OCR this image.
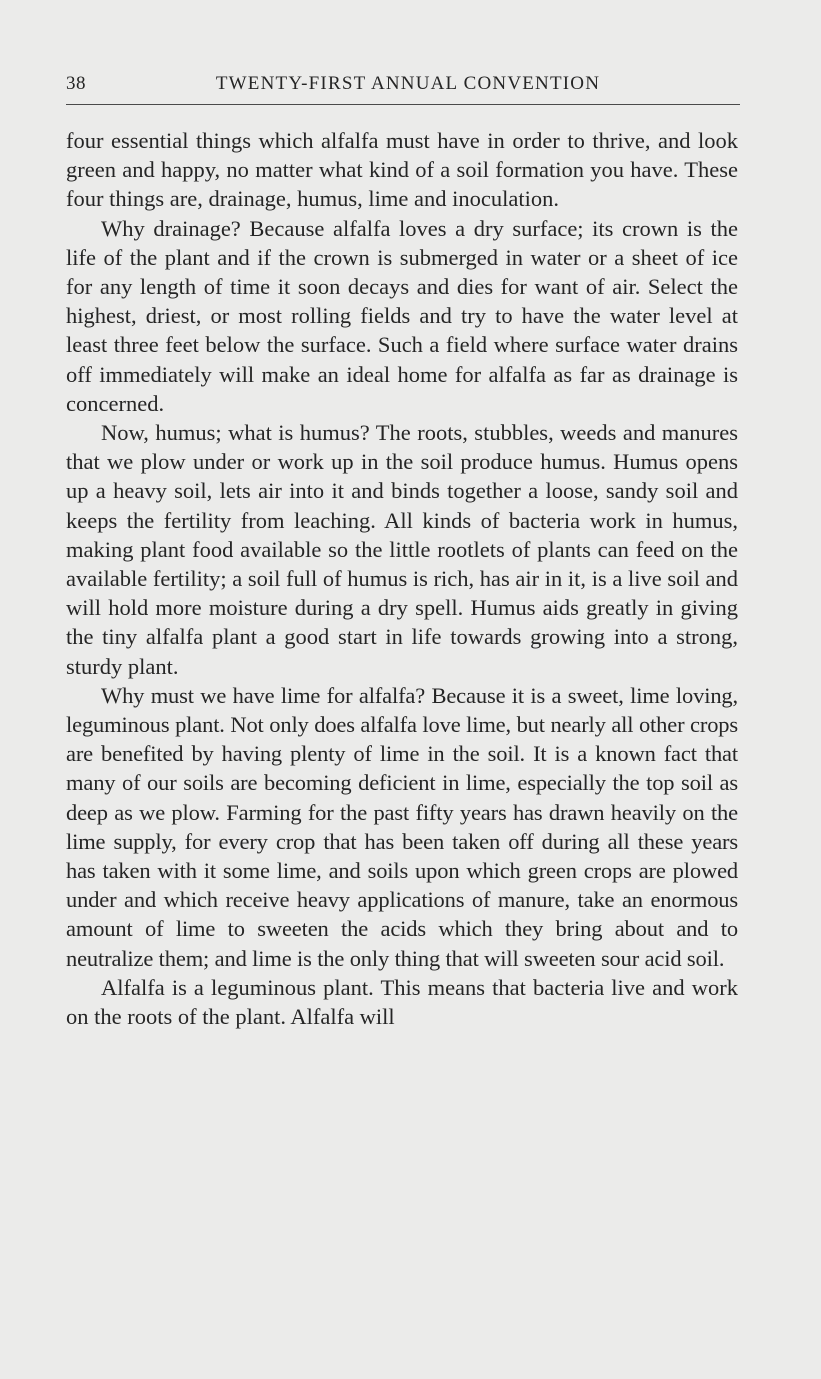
38	TWENTY-FIRST ANNUAL CONVENTION

four essential things which alfalfa must have in order to thrive, and look green and happy, no matter what kind of a soil formation you have. These four things are, drainage, humus, lime and inoculation.

Why drainage? Because alfalfa loves a dry surface; its crown is the life of the plant and if the crown is submerged in water or a sheet of ice for any length of time it soon decays and dies for want of air. Select the highest, driest, or most rolling fields and try to have the water level at least three feet below the surface. Such a field where surface water drains off immediately will make an ideal home for alfalfa as far as drainage is concerned.

Now, humus; what is humus? The roots, stubbles, weeds and manures that we plow under or work up in the soil produce humus. Humus opens up a heavy soil, lets air into it and binds together a loose, sandy soil and keeps the fertility from leaching. All kinds of bacteria work in humus, making plant food available so the little rootlets of plants can feed on the available fertility; a soil full of humus is rich, has air in it, is a live soil and will hold more moisture during a dry spell. Humus aids greatly in giving the tiny alfalfa plant a good start in life towards growing into a strong, sturdy plant.

Why must we have lime for alfalfa? Because it is a sweet, lime loving, leguminous plant. Not only does alfalfa love lime, but nearly all other crops are benefited by having plenty of lime in the soil. It is a known fact that many of our soils are becoming deficient in lime, especially the top soil as deep as we plow. Farming for the past fifty years has drawn heavily on the lime supply, for every crop that has been taken off during all these years has taken with it some lime, and soils upon which green crops are plowed under and which receive heavy applications of manure, take an enormous amount of lime to sweeten the acids which they bring about and to neutralize them; and lime is the only thing that will sweeten sour acid soil.

Alfalfa is a leguminous plant. This means that bacteria live and work on the roots of the plant. Alfalfa will
